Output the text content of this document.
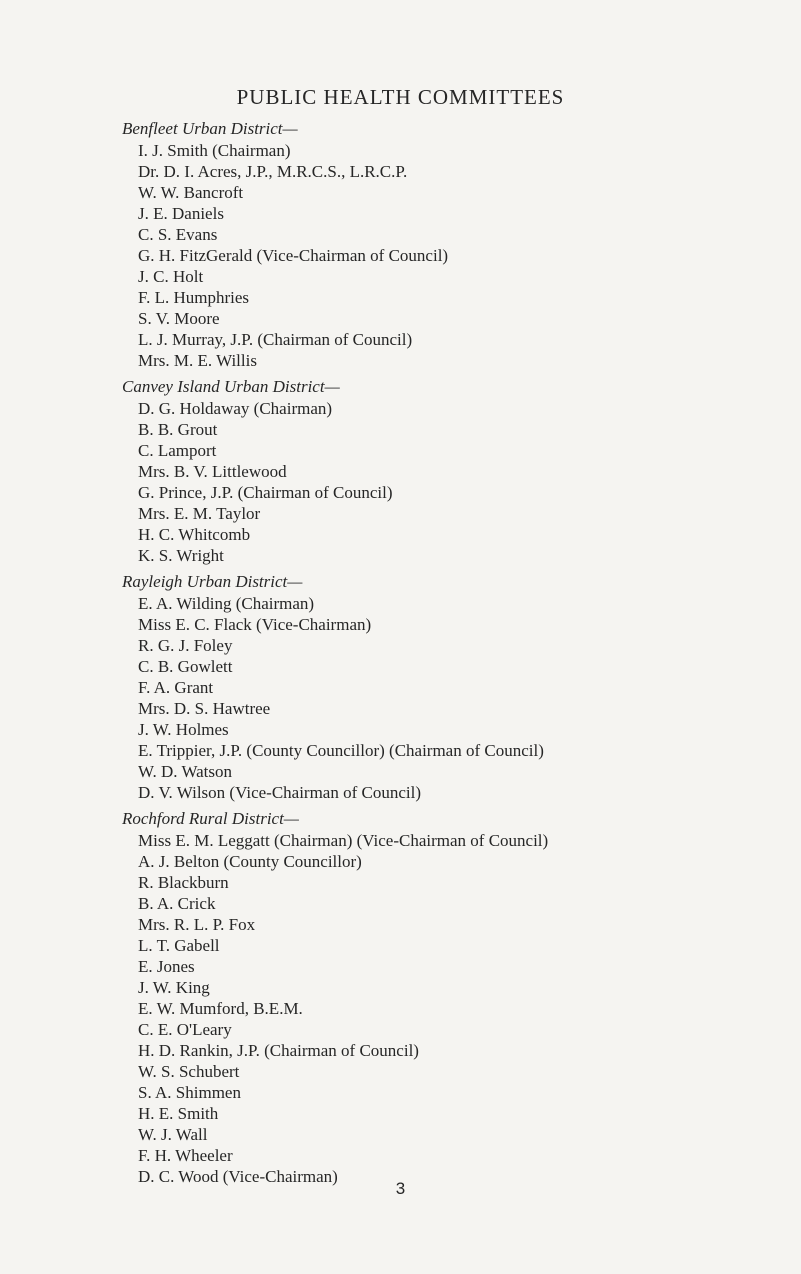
PUBLIC HEALTH COMMITTEES
Benfleet Urban District—
I. J. Smith (Chairman)
Dr. D. I. Acres, J.P., M.R.C.S., L.R.C.P.
W. W. Bancroft
J. E. Daniels
C. S. Evans
G. H. FitzGerald (Vice-Chairman of Council)
J. C. Holt
F. L. Humphries
S. V. Moore
L. J. Murray, J.P. (Chairman of Council)
Mrs. M. E. Willis
Canvey Island Urban District—
D. G. Holdaway (Chairman)
B. B. Grout
C. Lamport
Mrs. B. V. Littlewood
G. Prince, J.P. (Chairman of Council)
Mrs. E. M. Taylor
H. C. Whitcomb
K. S. Wright
Rayleigh Urban District—
E. A. Wilding (Chairman)
Miss E. C. Flack (Vice-Chairman)
R. G. J. Foley
C. B. Gowlett
F. A. Grant
Mrs. D. S. Hawtree
J. W. Holmes
E. Trippier, J.P. (County Councillor) (Chairman of Council)
W. D. Watson
D. V. Wilson (Vice-Chairman of Council)
Rochford Rural District—
Miss E. M. Leggatt (Chairman) (Vice-Chairman of Council)
A. J. Belton (County Councillor)
R. Blackburn
B. A. Crick
Mrs. R. L. P. Fox
L. T. Gabell
E. Jones
J. W. King
E. W. Mumford, B.E.M.
C. E. O'Leary
H. D. Rankin, J.P. (Chairman of Council)
W. S. Schubert
S. A. Shimmen
H. E. Smith
W. J. Wall
F. H. Wheeler
D. C. Wood (Vice-Chairman)
3
